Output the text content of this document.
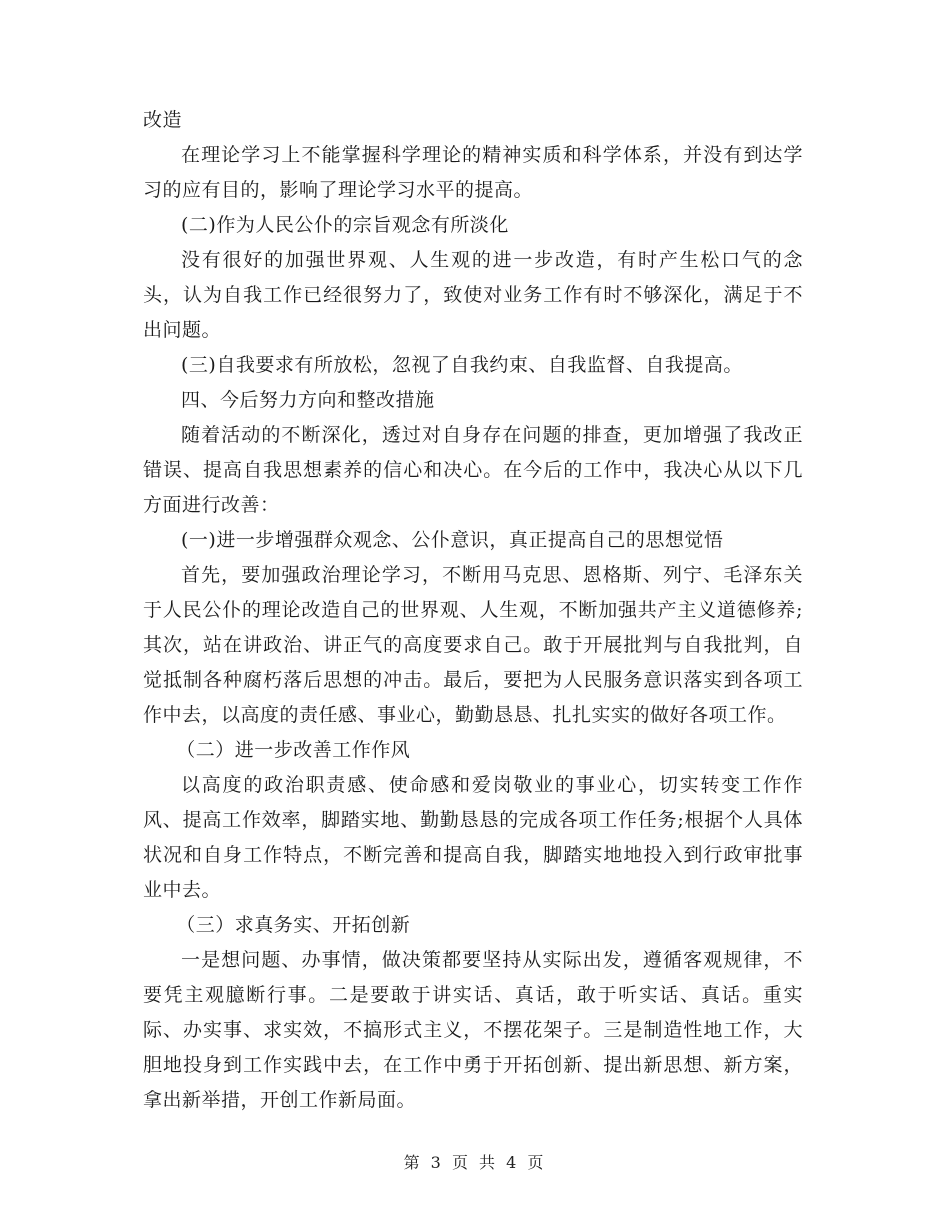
改造

在理论学习上不能掌握科学理论的精神实质和科学体系，并没有到达学习的应有目的，影响了理论学习水平的提高。

(二)作为人民公仆的宗旨观念有所淡化

没有很好的加强世界观、人生观的进一步改造，有时产生松口气的念头，认为自我工作已经很努力了，致使对业务工作有时不够深化，满足于不出问题。

(三)自我要求有所放松，忽视了自我约束、自我监督、自我提高。

四、今后努力方向和整改措施

随着活动的不断深化，透过对自身存在问题的排查，更加增强了我改正错误、提高自我思想素养的信心和决心。在今后的工作中，我决心从以下几方面进行改善：

(一)进一步增强群众观念、公仆意识，真正提高自己的思想觉悟

首先，要加强政治理论学习，不断用马克思、恩格斯、列宁、毛泽东关于人民公仆的理论改造自己的世界观、人生观，不断加强共产主义道德修养;其次，站在讲政治、讲正气的高度要求自己。敢于开展批判与自我批判，自觉抵制各种腐朽落后思想的冲击。最后，要把为人民服务意识落实到各项工作中去，以高度的责任感、事业心，勤勤恳恳、扎扎实实的做好各项工作。

（二）进一步改善工作作风

以高度的政治职责感、使命感和爱岗敬业的事业心，切实转变工作作风、提高工作效率，脚踏实地、勤勤恳恳的完成各项工作任务;根据个人具体状况和自身工作特点，不断完善和提高自我，脚踏实地地投入到行政审批事业中去。

（三）求真务实、开拓创新

一是想问题、办事情，做决策都要坚持从实际出发，遵循客观规律，不要凭主观臆断行事。二是要敢于讲实话、真话，敢于听实话、真话。重实际、办实事、求实效，不搞形式主义，不摆花架子。三是制造性地工作，大胆地投身到工作实践中去，在工作中勇于开拓创新、提出新思想、新方案，拿出新举措，开创工作新局面。

第 3 页 共 4 页
